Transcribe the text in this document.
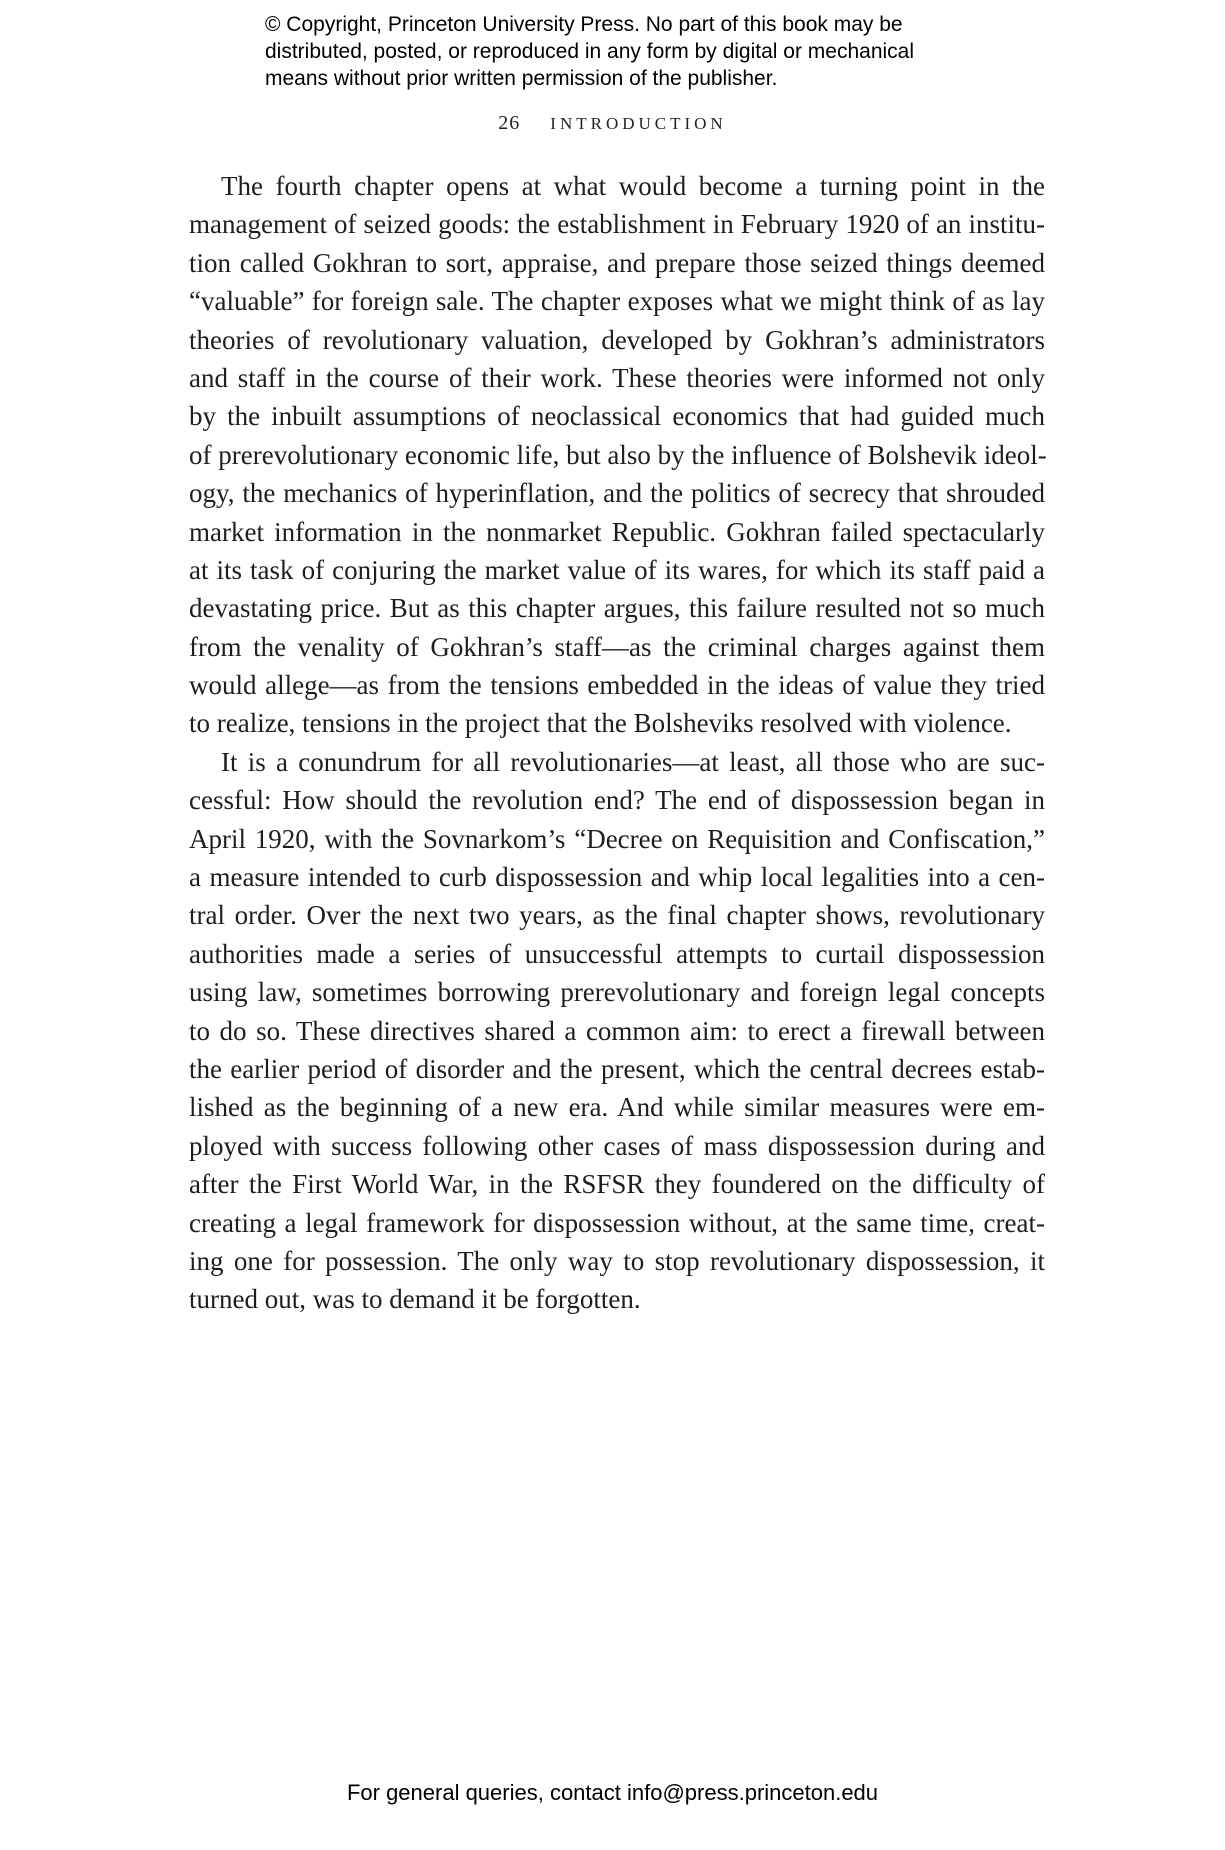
© Copyright, Princeton University Press. No part of this book may be
distributed, posted, or reproduced in any form by digital or mechanical
means without prior written permission of the publisher.
26 INTRODUCTION
The fourth chapter opens at what would become a turning point in the
management of seized goods: the establishment in February 1920 of an institu-
tion called Gokhran to sort, appraise, and prepare those seized things deemed
“valuable” for foreign sale. The chapter exposes what we might think of as lay
theories of revolutionary valuation, developed by Gokhran’s administrators
and staff in the course of their work. These theories were informed not only
by the inbuilt assumptions of neoclassical economics that had guided much
of prerevolutionary economic life, but also by the influence of Bolshevik ideol-
ogy, the mechanics of hyperinflation, and the politics of secrecy that shrouded
market information in the nonmarket Republic. Gokhran failed spectacularly
at its task of conjuring the market value of its wares, for which its staff paid a
devastating price. But as this chapter argues, this failure resulted not so much
from the venality of Gokhran’s staff—as the criminal charges against them
would allege—as from the tensions embedded in the ideas of value they tried
to realize, tensions in the project that the Bolsheviks resolved with violence.
It is a conundrum for all revolutionaries—at least, all those who are suc-
cessful: How should the revolution end? The end of dispossession began in
April 1920, with the Sovnarkom’s “Decree on Requisition and Confiscation,”
a measure intended to curb dispossession and whip local legalities into a cen-
tral order. Over the next two years, as the final chapter shows, revolutionary
authorities made a series of unsuccessful attempts to curtail dispossession
using law, sometimes borrowing prerevolutionary and foreign legal concepts
to do so. These directives shared a common aim: to erect a firewall between
the earlier period of disorder and the present, which the central decrees estab-
lished as the beginning of a new era. And while similar measures were em-
ployed with success following other cases of mass dispossession during and
after the First World War, in the RSFSR they foundered on the difficulty of
creating a legal framework for dispossession without, at the same time, creat-
ing one for possession. The only way to stop revolutionary dispossession, it
turned out, was to demand it be forgotten.
For general queries, contact info@press.princeton.edu
